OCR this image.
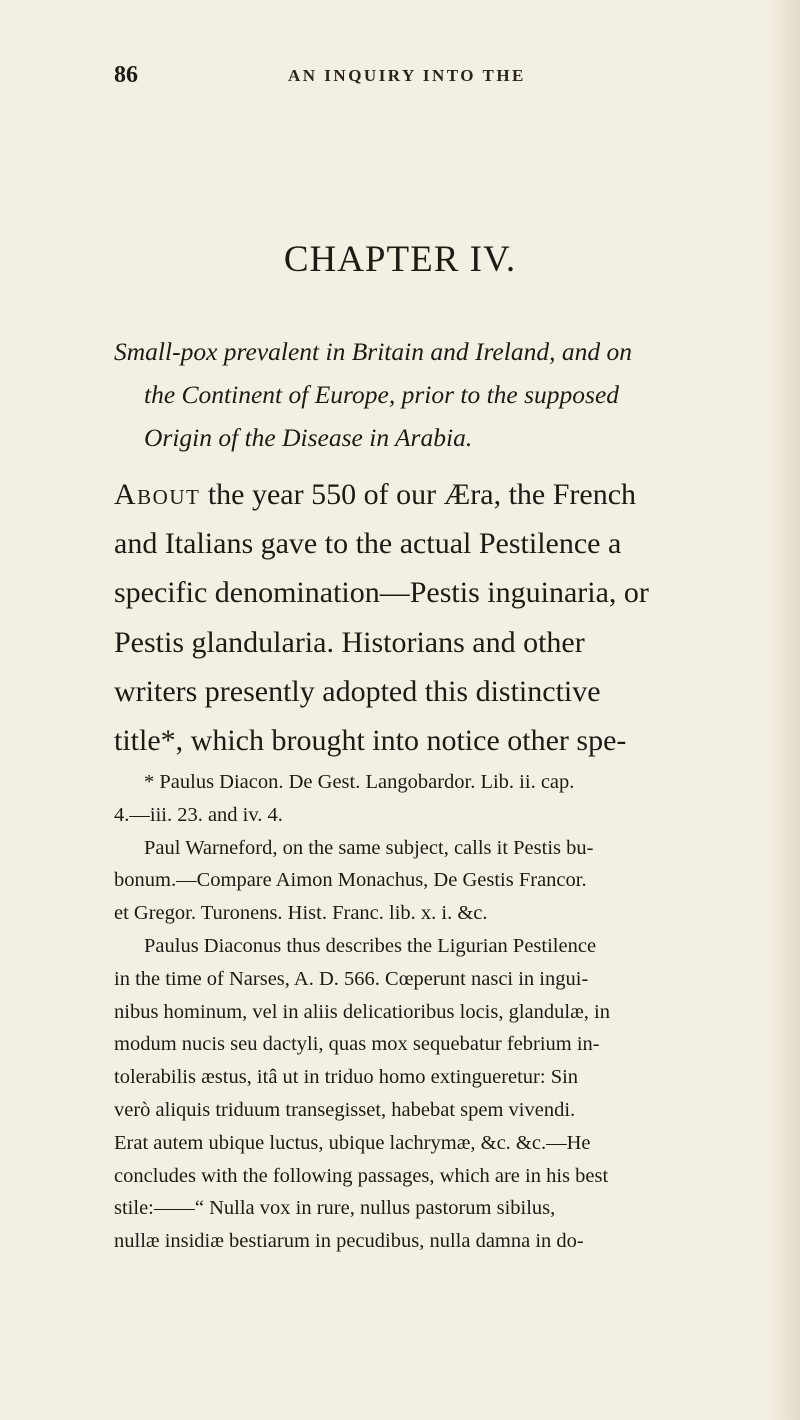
86	AN INQUIRY INTO THE
CHAPTER IV.
Small-pox prevalent in Britain and Ireland, and on
the Continent of Europe, prior to the supposed
Origin of the Disease in Arabia.
About the year 550 of our Æra, the French
and Italians gave to the actual Pestilence a
specific denomination—Pestis inguinaria, or
Pestis glandularia. Historians and other
writers presently adopted this distinctive
title*, which brought into notice other spe-
* Paulus Diacon. De Gest. Langobardor. Lib. ii. cap.
4.—iii. 23. and iv. 4.
Paul Warneford, on the same subject, calls it Pestis bu-
bonum.—Compare Aimon Monachus, De Gestis Francor.
et Gregor. Turonens. Hist. Franc. lib. x. i. &c.
Paulus Diaconus thus describes the Ligurian Pestilence
in the time of Narses, A. D. 566. Cœperunt nasci in ingui-
nibus hominum, vel in aliis delicatioribus locis, glandulæ, in
modum nucis seu dactyli, quas mox sequebatur febrium in-
tolerabilis æstus, itâ ut in triduo homo extingueretur: Sin
verò aliquis triduum transegisset, habebat spem vivendi.
Erat autem ubique luctus, ubique lachrymæ, &c. &c.—He
concludes with the following passages, which are in his best
stile:——“ Nulla vox in rure, nullus pastorum sibilus,
nullæ insidiæ bestiarum in pecudibus, nulla damna in do-
